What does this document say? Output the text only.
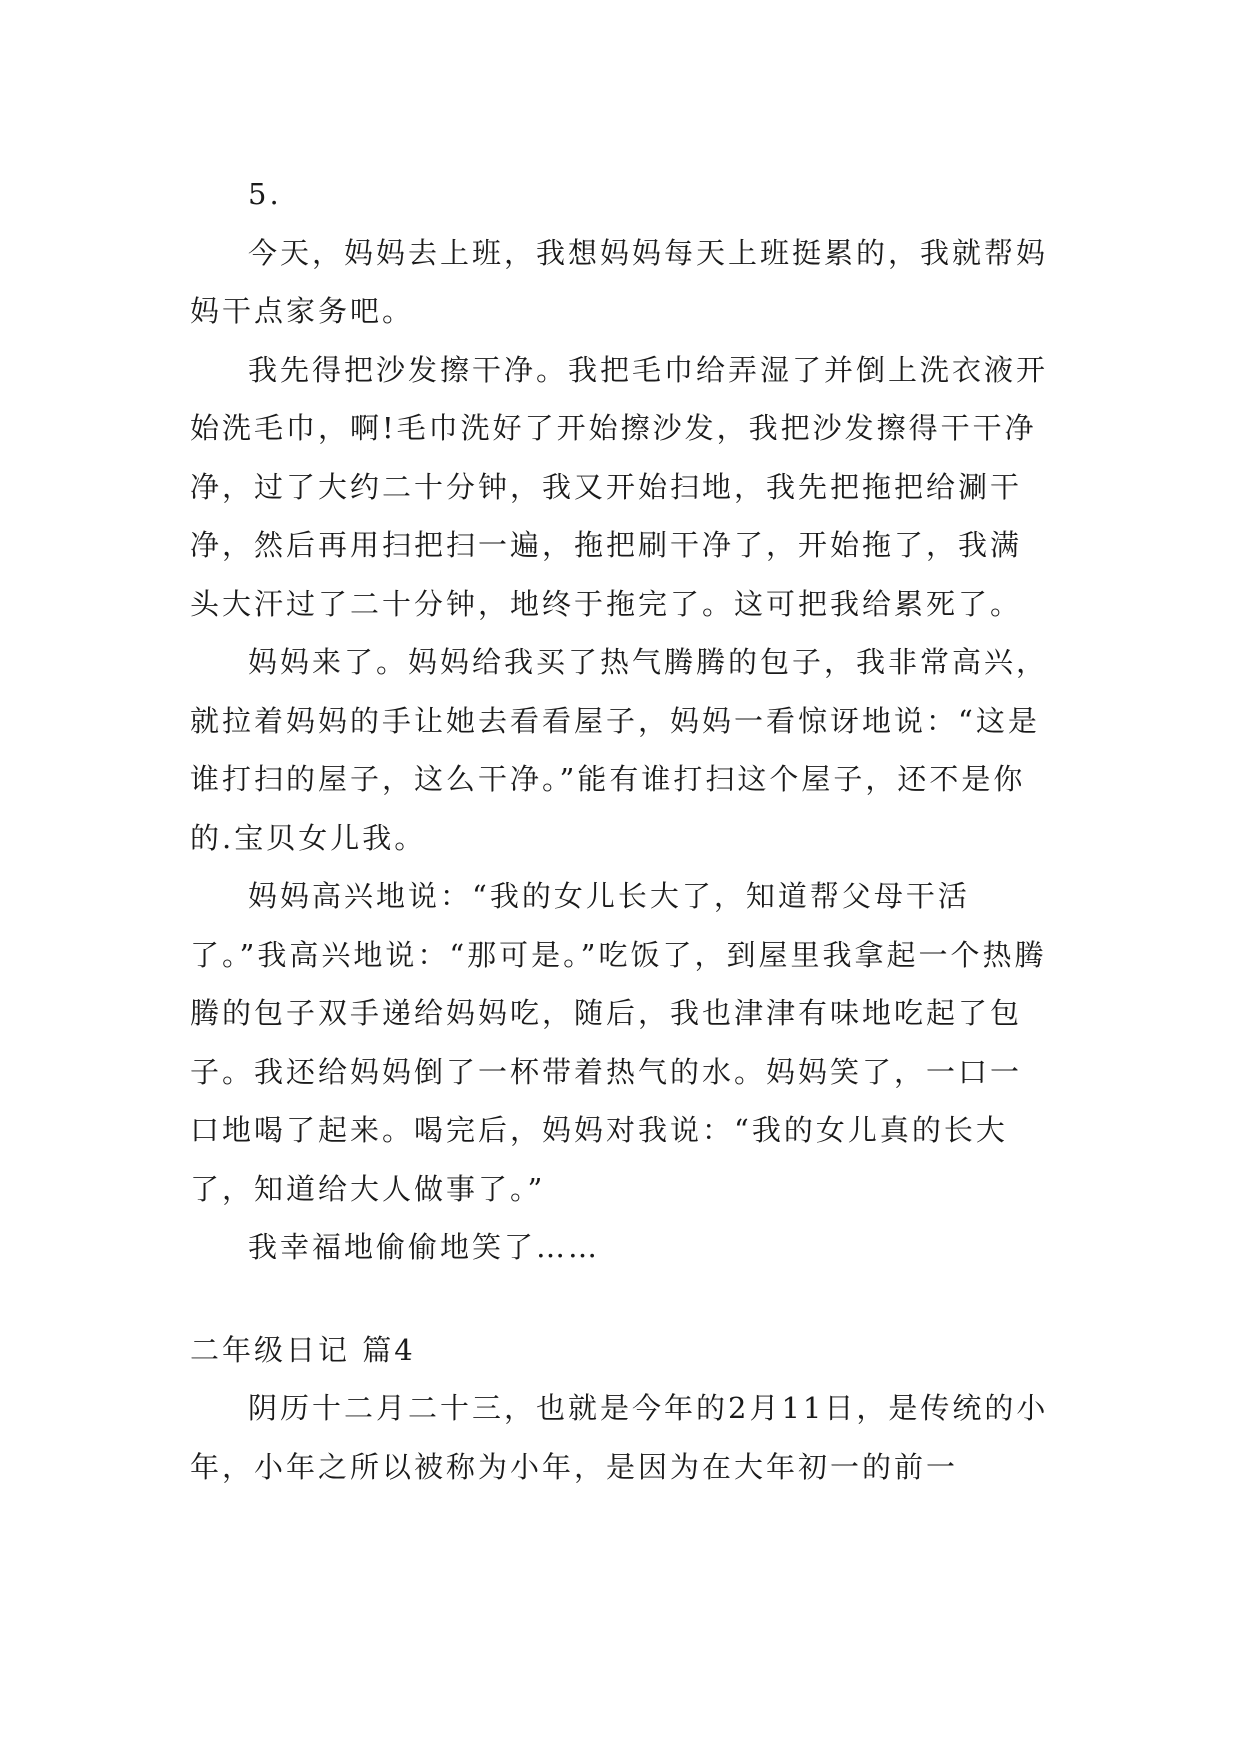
5.

今天，妈妈去上班，我想妈妈每天上班挺累的，我就帮妈妈干点家务吧。

我先得把沙发擦干净。我把毛巾给弄湿了并倒上洗衣液开始洗毛巾，啊!毛巾洗好了开始擦沙发，我把沙发擦得干干净净，过了大约二十分钟，我又开始扫地，我先把拖把给涮干净，然后再用扫把扫一遍，拖把刷干净了，开始拖了，我满头大汗过了二十分钟，地终于拖完了。这可把我给累死了。

妈妈来了。妈妈给我买了热气腾腾的包子，我非常高兴，就拉着妈妈的手让她去看看屋子，妈妈一看惊讶地说：“这是谁打扫的屋子，这么干净。”能有谁打扫这个屋子，还不是你的.宝贝女儿我。

妈妈高兴地说：“我的女儿长大了，知道帮父母干活了。”我高兴地说：“那可是。”吃饭了，到屋里我拿起一个热腾腾的包子双手递给妈妈吃，随后，我也津津有味地吃起了包子。我还给妈妈倒了一杯带着热气的水。妈妈笑了，一口一口地喝了起来。喝完后，妈妈对我说：“我的女儿真的长大了，知道给大人做事了。”

我幸福地偷偷地笑了……

二年级日记 篇4

阴历十二月二十三，也就是今年的2月11日，是传统的小年，小年之所以被称为小年，是因为在大年初一的前一
